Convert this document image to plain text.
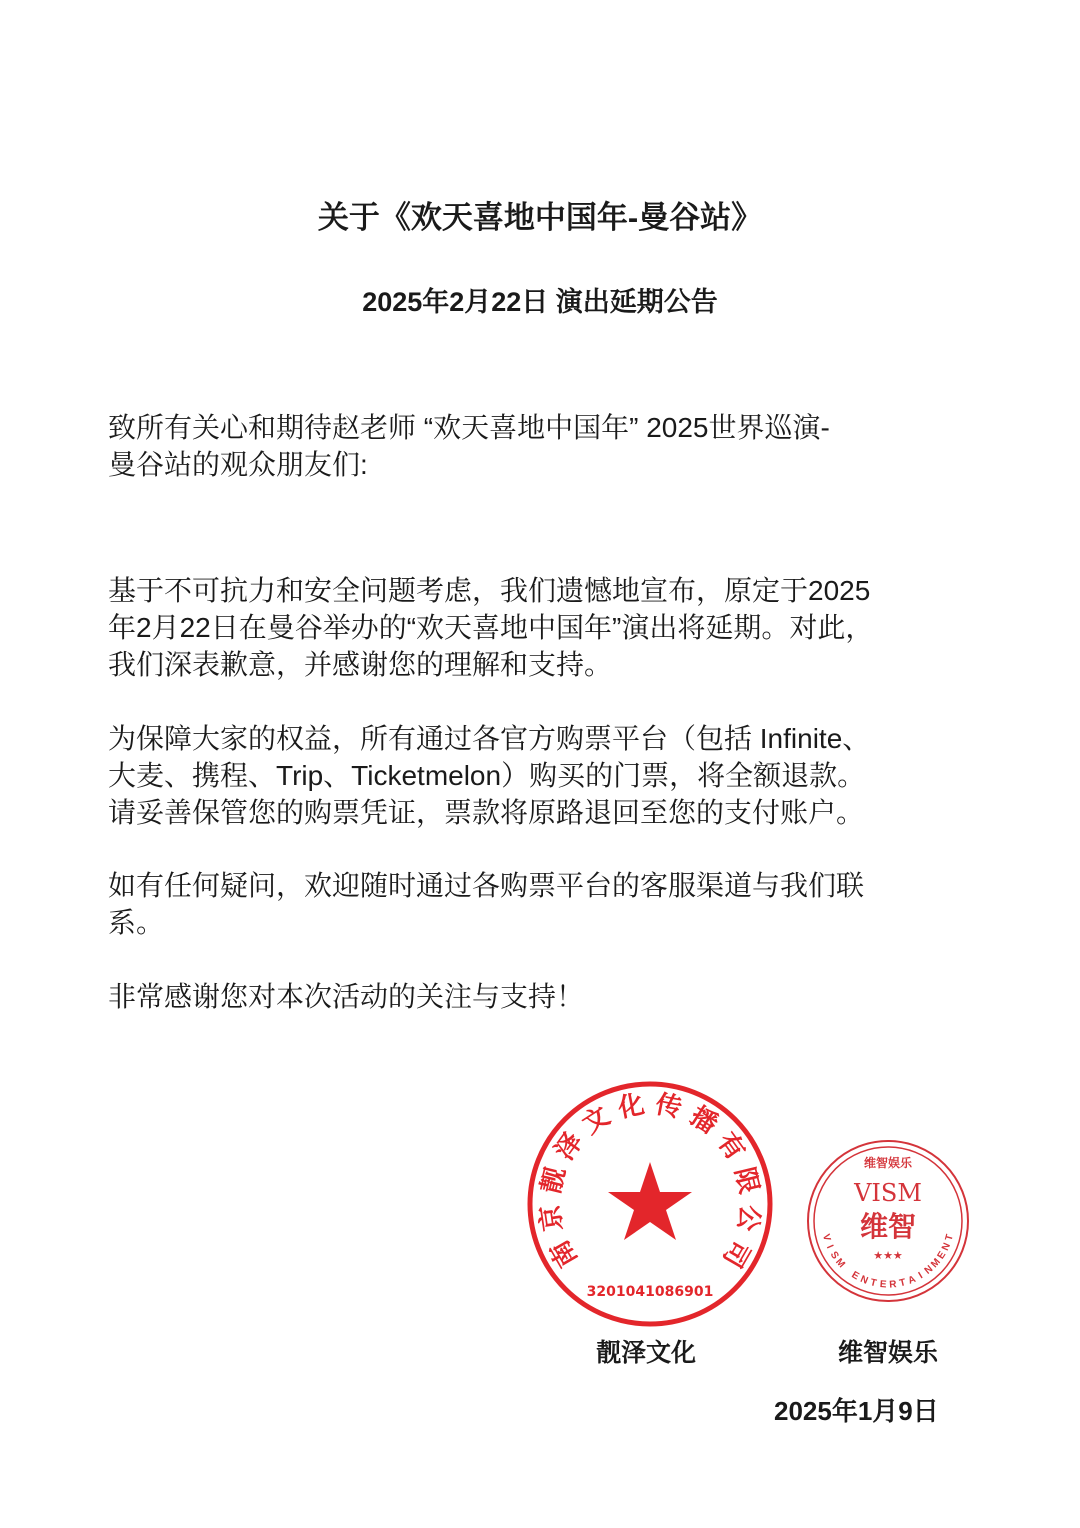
关于《欢天喜地中国年-曼谷站》
2025年2月22日 演出延期公告
致所有关心和期待赵老师 “欢天喜地中国年” 2025世界巡演-
曼谷站的观众朋友们:
基于不可抗力和安全问题考虑，我们遗憾地宣布，原定于2025
年2月22日在曼谷举办的“欢天喜地中国年”演出将延期。对此，
我们深表歉意，并感谢您的理解和支持。
为保障大家的权益，所有通过各官方购票平台（包括 Infinite、
大麦、携程、Trip、Ticketmelon）购买的门票，将全额退款。
请妥善保管您的购票凭证，票款将原路退回至您的支付账户。
如有任何疑问，欢迎随时通过各购票平台的客服渠道与我们联
系。
非常感谢您对本次活动的关注与支持！
南
京
靓
泽
文 化 传 播
有
限
公
司
3201041086901
维智娱乐
VISM
维智
★★★
V
I
S
M
E
N T E R T A I
N
M
E
N
T
靓泽文化	维智娱乐
2025年1月9日
